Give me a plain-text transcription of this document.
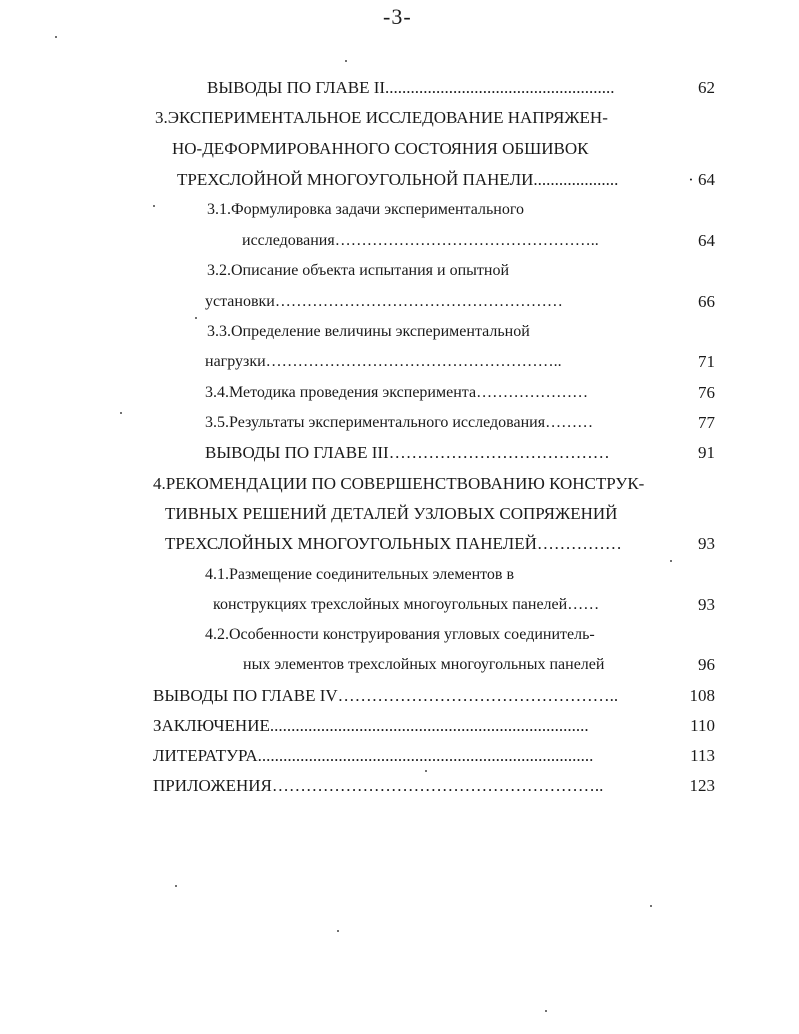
-3-
ВЫВОДЫ ПО ГЛАВЕ II......................................................	62
3.ЭКСПЕРИМЕНТАЛЬНОЕ ИССЛЕДОВАНИЕ НАПРЯЖЕН-
НО-ДЕФОРМИРОВАННОГО СОСТОЯНИЯ ОБШИВОК
ТРЕХСЛОЙНОЙ МНОГОУГОЛЬНОЙ ПАНЕЛИ....................	· 64
3.1.Формулировка задачи экспериментального
исследования…………………………………………..	64
3.2.Описание объекта испытания и опытной
установки………………………………………………	66
3.3.Определение величины экспериментальной
нагрузки………………………………………………..	71
3.4.Методика проведения эксперимента…………………	76
3.5.Результаты экспериментального исследования………	77
ВЫВОДЫ ПО ГЛАВЕ III…………………………………	91
4.РЕКОМЕНДАЦИИ ПО СОВЕРШЕНСТВОВАНИЮ КОНСТРУК-
ТИВНЫХ РЕШЕНИЙ ДЕТАЛЕЙ УЗЛОВЫХ СОПРЯЖЕНИЙ
ТРЕХСЛОЙНЫХ МНОГОУГОЛЬНЫХ ПАНЕЛЕЙ……………	93
4.1.Размещение соединительных элементов в
конструкциях трехслойных многоугольных панелей……	93
4.2.Особенности конструирования угловых соединитель-
ных элементов трехслойных многоугольных панелей	96
ВЫВОДЫ ПО ГЛАВЕ IV…………………………………………..	108
ЗАКЛЮЧЕНИЕ...........................................................................	110
ЛИТЕРАТУРА...............................................................................	113
ПРИЛОЖЕНИЯ…………………………………………………..	123
